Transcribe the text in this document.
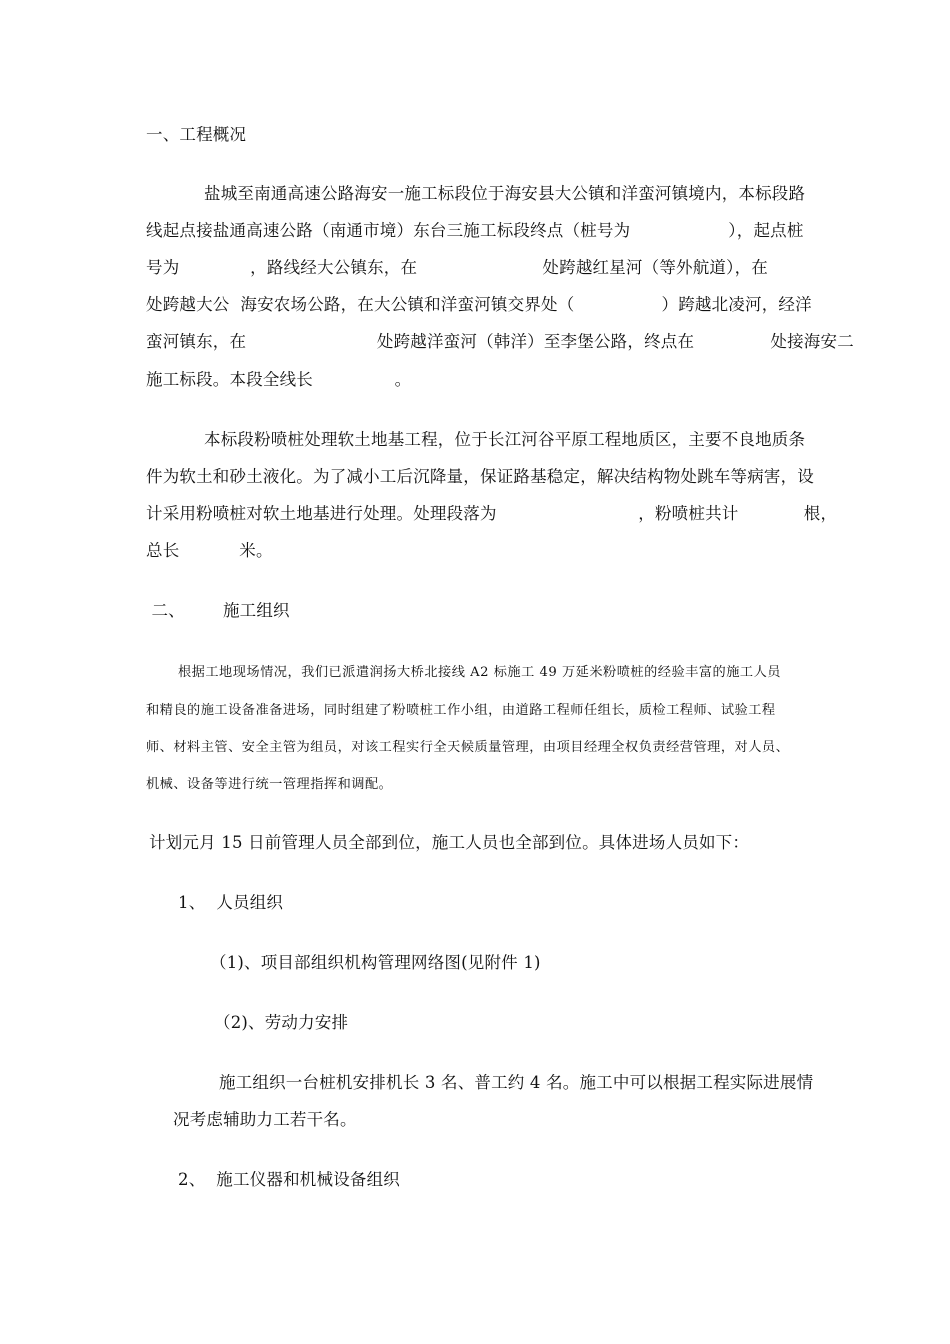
一、工程概况
盐城至南通高速公路海安一施工标段位于海安县大公镇和洋蛮河镇境内，本标段路
线起点接盐通高速公路（南通市境）东台三施工标段终点（桩号为                  ），起点桩
号为             ，路线经大公镇东，在                       处跨越红星河（等外航道），在
处跨越大公  海安农场公路，在大公镇和洋蛮河镇交界处（                ）跨越北凌河，经洋
蛮河镇东，在                        处跨越洋蛮河（韩洋）至李堡公路，终点在              处接海安二
施工标段。本段全线长               。
本标段粉喷桩处理软土地基工程，位于长江河谷平原工程地质区，主要不良地质条
件为软土和砂土液化。为了减小工后沉降量，保证路基稳定，解决结构物处跳车等病害，设
计采用粉喷桩对软土地基进行处理。处理段落为                          ，粉喷桩共计            根，
总长           米。
二、       施工组织
根据工地现场情况，我们已派遣润扬大桥北接线 A2 标施工 49 万延米粉喷桩的经验丰富的施工人员
和精良的施工设备准备进场，同时组建了粉喷桩工作小组，由道路工程师任组长，质检工程师、试验工程
师、材料主管、安全主管为组员，对该工程实行全天候质量管理，由项目经理全权负责经营管理，对人员、
机械、设备等进行统一管理指挥和调配。
计划元月 15 日前管理人员全部到位，施工人员也全部到位。具体进场人员如下：
1、  人员组织
（1)、项目部组织机构管理网络图(见附件 1)
（2)、劳动力安排
施工组织一台桩机安排机长 3 名、普工约 4 名。施工中可以根据工程实际进展情
况考虑辅助力工若干名。
2、  施工仪器和机械设备组织
